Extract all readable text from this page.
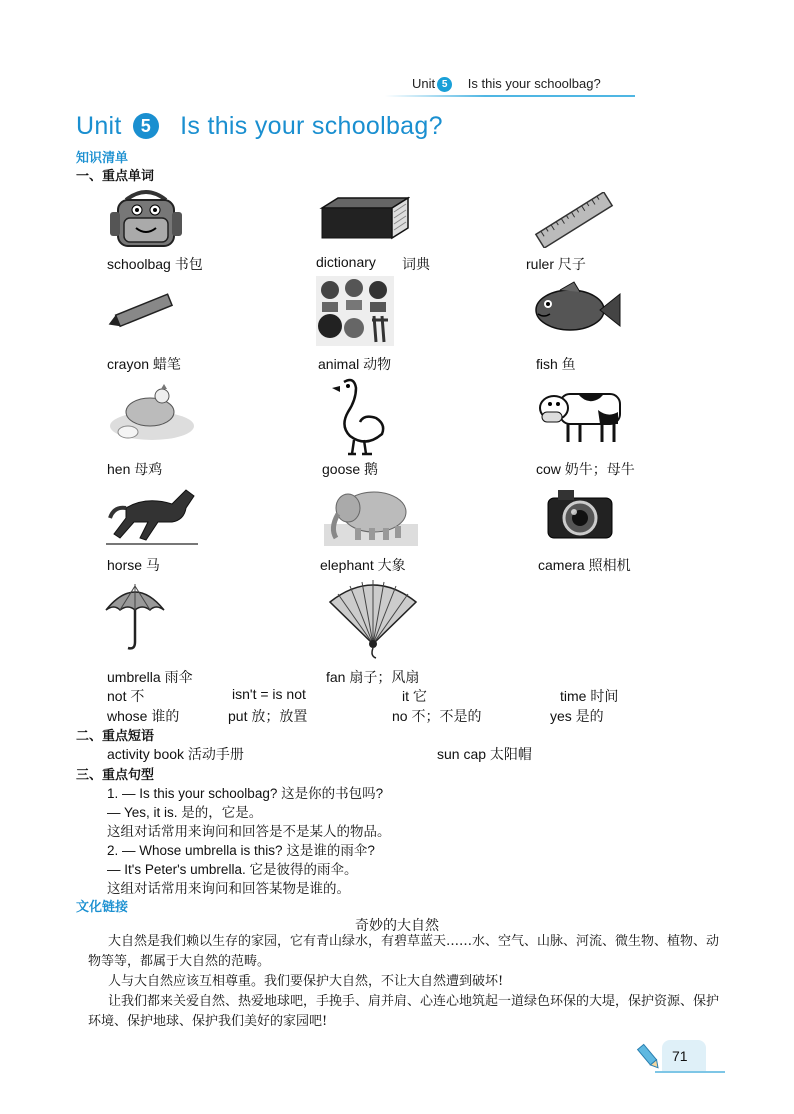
Unit 5 Is this your schoolbag?
Unit 5 Is this your schoolbag?
知识清单
一、重点单词
schoolbag 书包	dictionary 词典	ruler 尺子
crayon 蜡笔	animal 动物	fish 鱼
hen 母鸡	goose 鹅	cow 奶牛；母牛
horse 马	elephant 大象	camera 照相机
umbrella 雨伞	fan 扇子；风扇
not 不	isn't = is not	it 它	time 时间
whose 谁的	put 放；放置	no 不；不是的	yes 是的
二、重点短语
activity book 活动手册	sun cap 太阳帽
三、重点句型
1. — Is this your schoolbag? 这是你的书包吗?
— Yes, it is. 是的，它是。
这组对话常用来询问和回答是不是某人的物品。
2. — Whose umbrella is this? 这是谁的雨伞?
— It's Peter's umbrella. 它是彼得的雨伞。
这组对话常用来询问和回答某物是谁的。
文化链接
奇妙的大自然
大自然是我们赖以生存的家园，它有青山绿水，有碧草蓝天……水、空气、山脉、河流、微生物、植物、动物等等，都属于大自然的范畴。
人与大自然应该互相尊重。我们要保护大自然，不让大自然遭到破坏!
让我们都来关爱自然、热爱地球吧，手挽手、肩并肩、心连心地筑起一道绿色环保的大堤，保护资源、保护环境、保护地球、保护我们美好的家园吧!
71
